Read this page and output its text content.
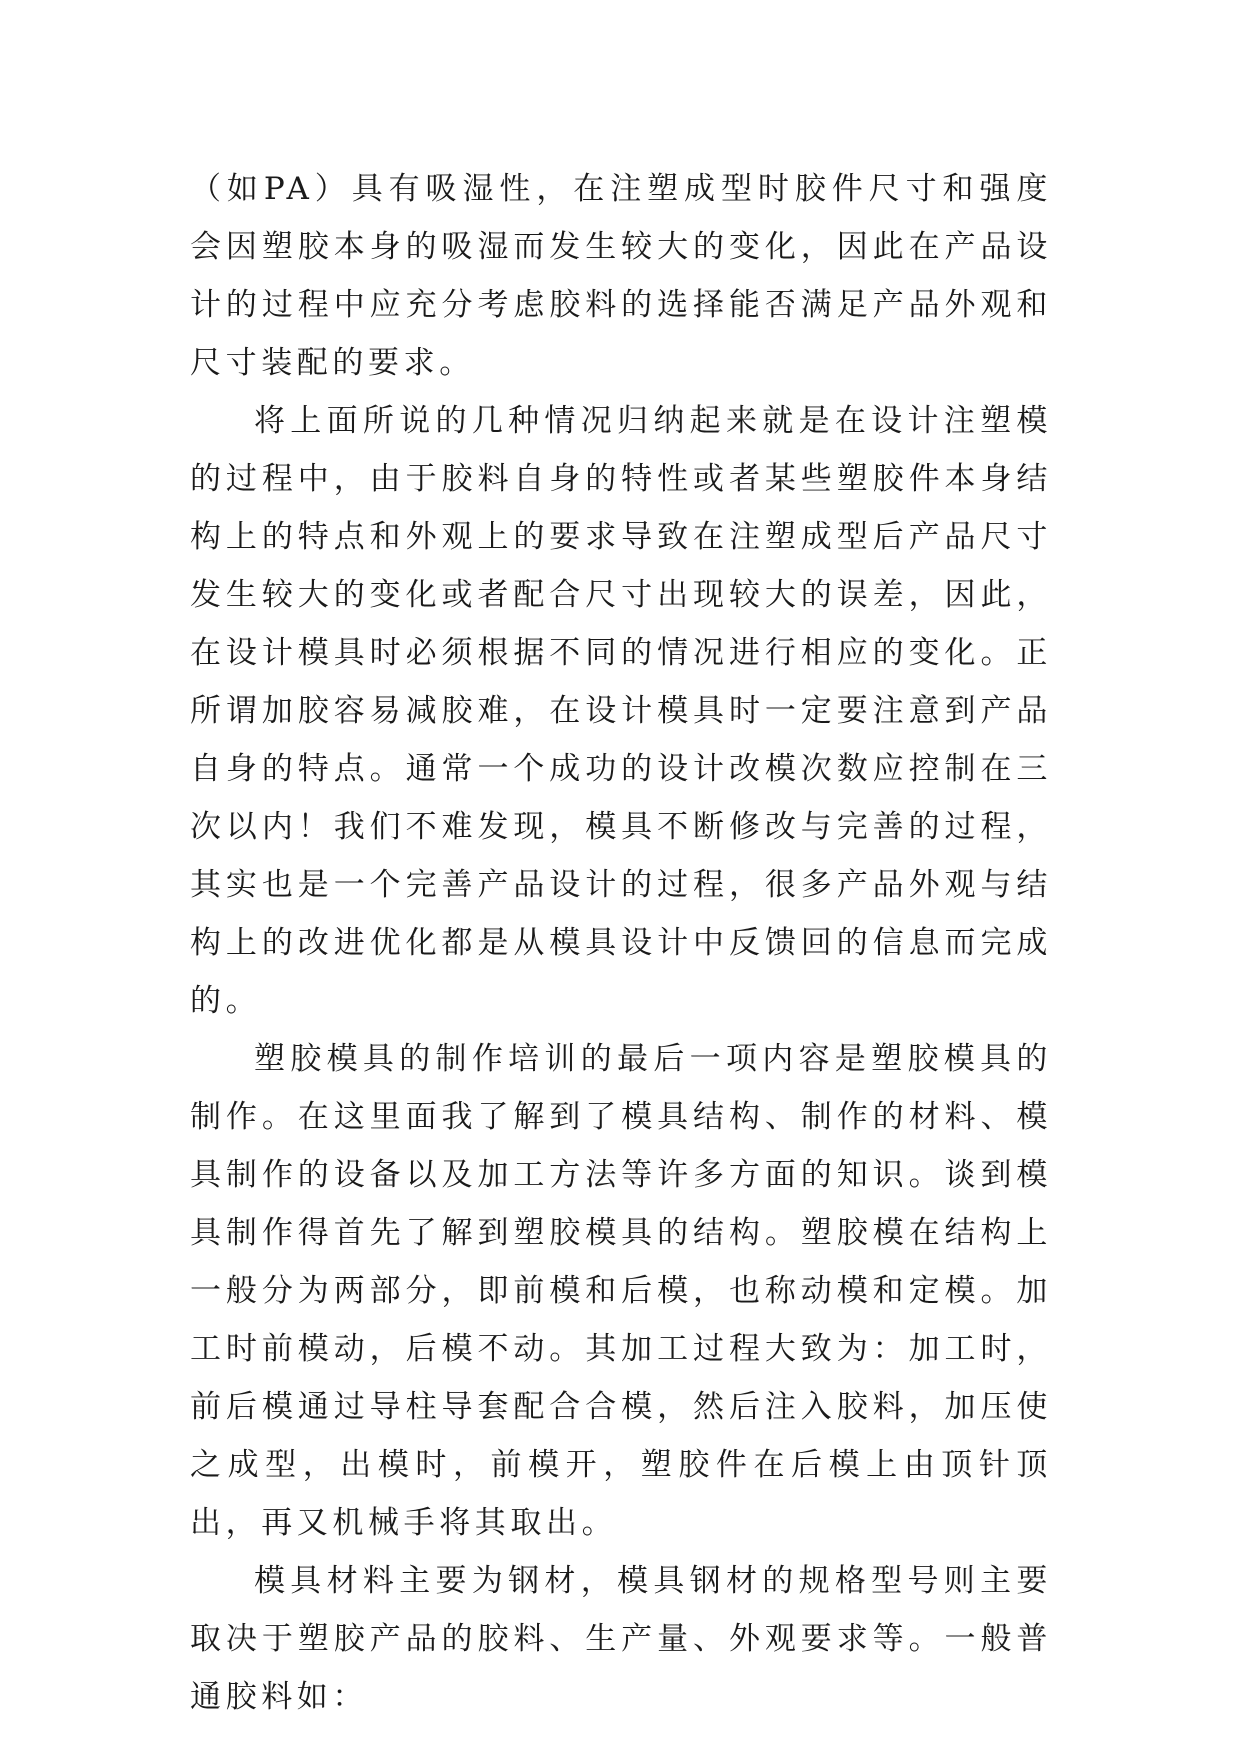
（如PA）具有吸湿性，在注塑成型时胶件尺寸和强度会因塑胶本身的吸湿而发生较大的变化，因此在产品设计的过程中应充分考虑胶料的选择能否满足产品外观和尺寸装配的要求。

将上面所说的几种情况归纳起来就是在设计注塑模的过程中，由于胶料自身的特性或者某些塑胶件本身结构上的特点和外观上的要求导致在注塑成型后产品尺寸发生较大的变化或者配合尺寸出现较大的误差，因此，在设计模具时必须根据不同的情况进行相应的变化。正所谓加胶容易减胶难，在设计模具时一定要注意到产品自身的特点。通常一个成功的设计改模次数应控制在三次以内！我们不难发现，模具不断修改与完善的过程，其实也是一个完善产品设计的过程，很多产品外观与结构上的改进优化都是从模具设计中反馈回的信息而完成的。

塑胶模具的制作培训的最后一项内容是塑胶模具的制作。在这里面我了解到了模具结构、制作的材料、模具制作的设备以及加工方法等许多方面的知识。谈到模具制作得首先了解到塑胶模具的结构。塑胶模在结构上一般分为两部分，即前模和后模，也称动模和定模。加工时前模动，后模不动。其加工过程大致为：加工时，前后模通过导柱导套配合合模，然后注入胶料，加压使之成型，出模时，前模开，塑胶件在后模上由顶针顶出，再又机械手将其取出。

模具材料主要为钢材，模具钢材的规格型号则主要取决于塑胶产品的胶料、生产量、外观要求等。一般普通胶料如：
